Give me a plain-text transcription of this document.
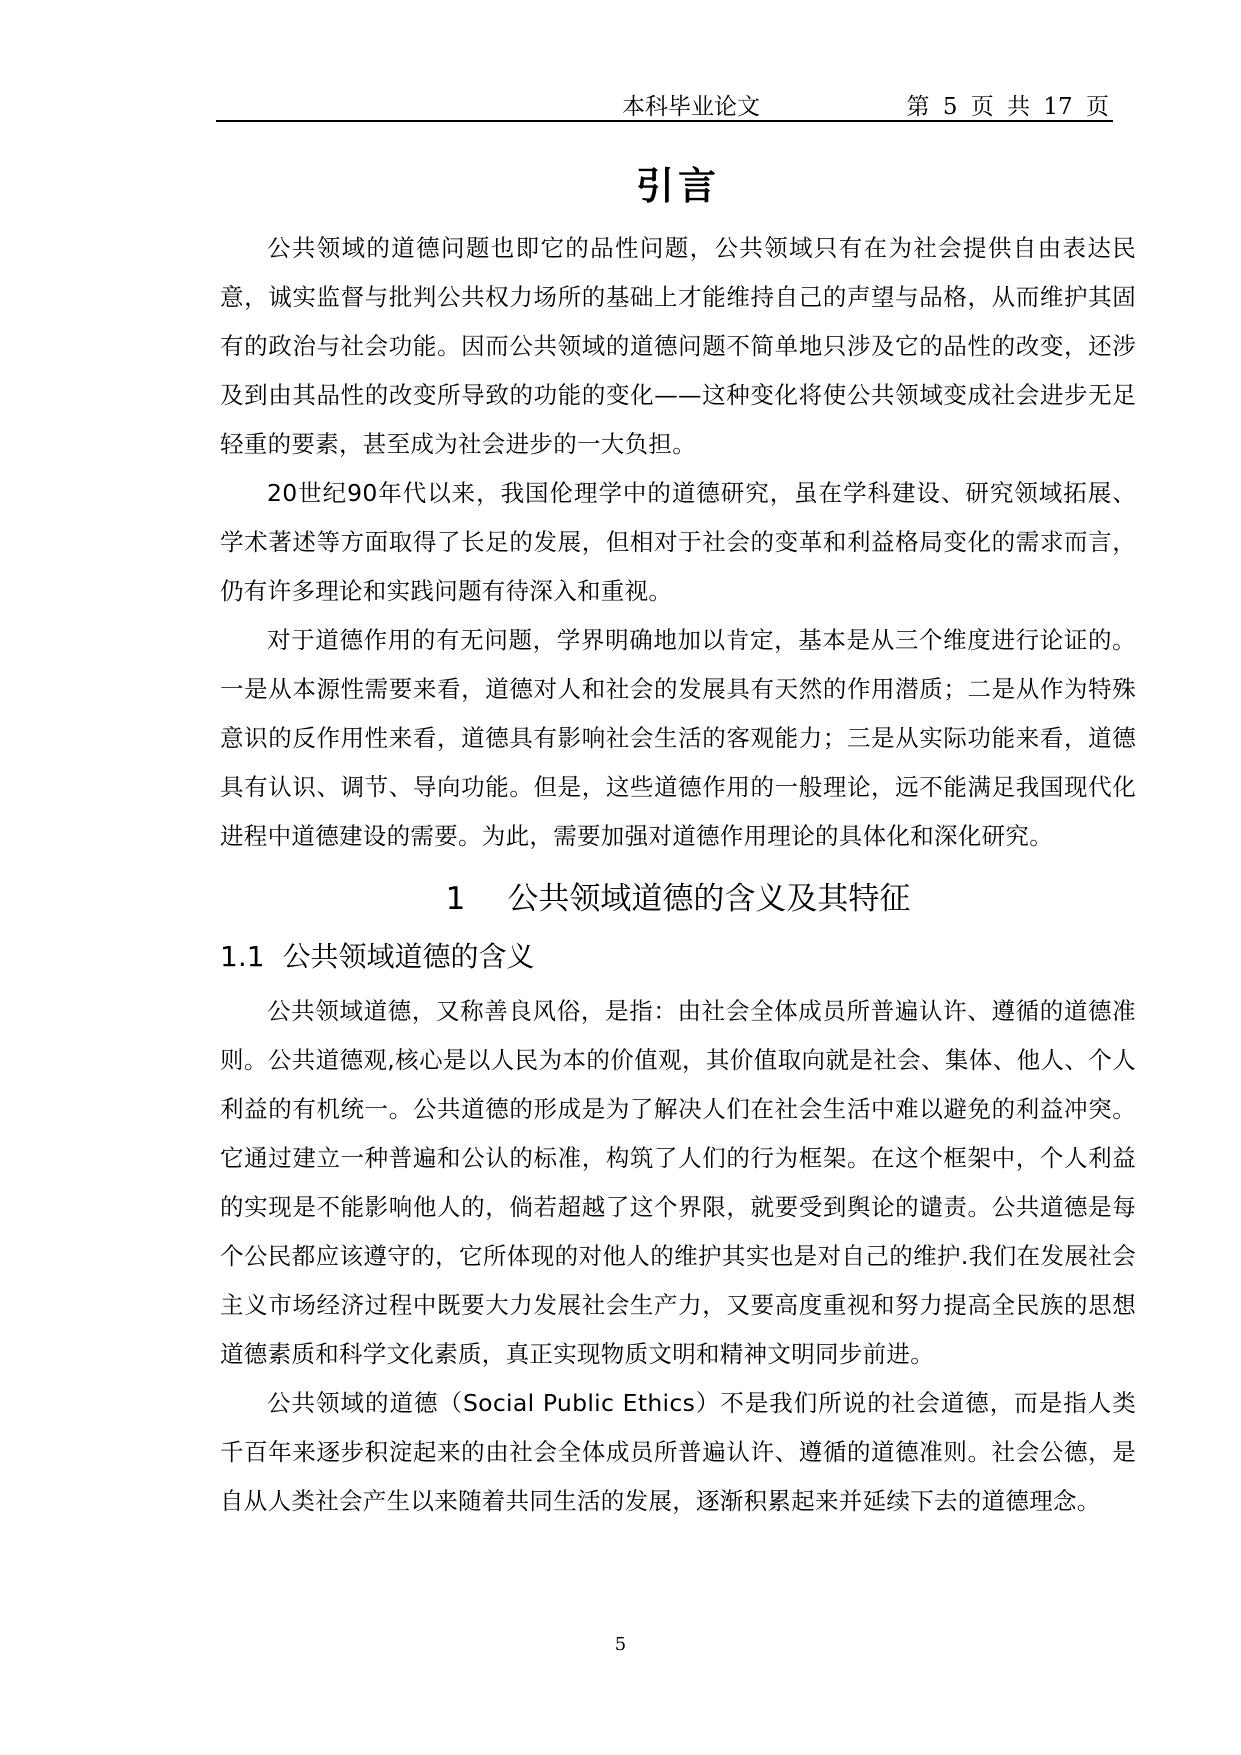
本科毕业论文	第 5 页 共 17 页
引言

公共领域的道德问题也即它的品性问题，公共领域只有在为社会提供自由表达民意，诚实监督与批判公共权力场所的基础上才能维持自己的声望与品格，从而维护其固有的政治与社会功能。因而公共领域的道德问题不简单地只涉及它的品性的改变，还涉及到由其品性的改变所导致的功能的变化——这种变化将使公共领域变成社会进步无足轻重的要素，甚至成为社会进步的一大负担。

20世纪90年代以来，我国伦理学中的道德研究，虽在学科建设、研究领域拓展、学术著述等方面取得了长足的发展，但相对于社会的变革和利益格局变化的需求而言，仍有许多理论和实践问题有待深入和重视。

对于道德作用的有无问题，学界明确地加以肯定，基本是从三个维度进行论证的。一是从本源性需要来看，道德对人和社会的发展具有天然的作用潜质；二是从作为特殊意识的反作用性来看，道德具有影响社会生活的客观能力；三是从实际功能来看，道德具有认识、调节、导向功能。但是，这些道德作用的一般理论，远不能满足我国现代化进程中道德建设的需要。为此，需要加强对道德作用理论的具体化和深化研究。

1 公共领域道德的含义及其特征
1.1 公共领域道德的含义

公共领域道德，又称善良风俗，是指：由社会全体成员所普遍认许、遵循的道德准则。公共道德观,核心是以人民为本的价值观，其价值取向就是社会、集体、他人、个人利益的有机统一。公共道德的形成是为了解决人们在社会生活中难以避免的利益冲突。它通过建立一种普遍和公认的标准，构筑了人们的行为框架。在这个框架中，个人利益的实现是不能影响他人的，倘若超越了这个界限，就要受到舆论的谴责。公共道德是每个公民都应该遵守的，它所体现的对他人的维护其实也是对自己的维护.我们在发展社会主义市场经济过程中既要大力发展社会生产力，又要高度重视和努力提高全民族的思想道德素质和科学文化素质，真正实现物质文明和精神文明同步前进。

公共领域的道德（Social Public Ethics）不是我们所说的社会道德，而是指人类千百年来逐步积淀起来的由社会全体成员所普遍认许、遵循的道德准则。社会公德，是自从人类社会产生以来随着共同生活的发展，逐渐积累起来并延续下去的道德理念。

5
